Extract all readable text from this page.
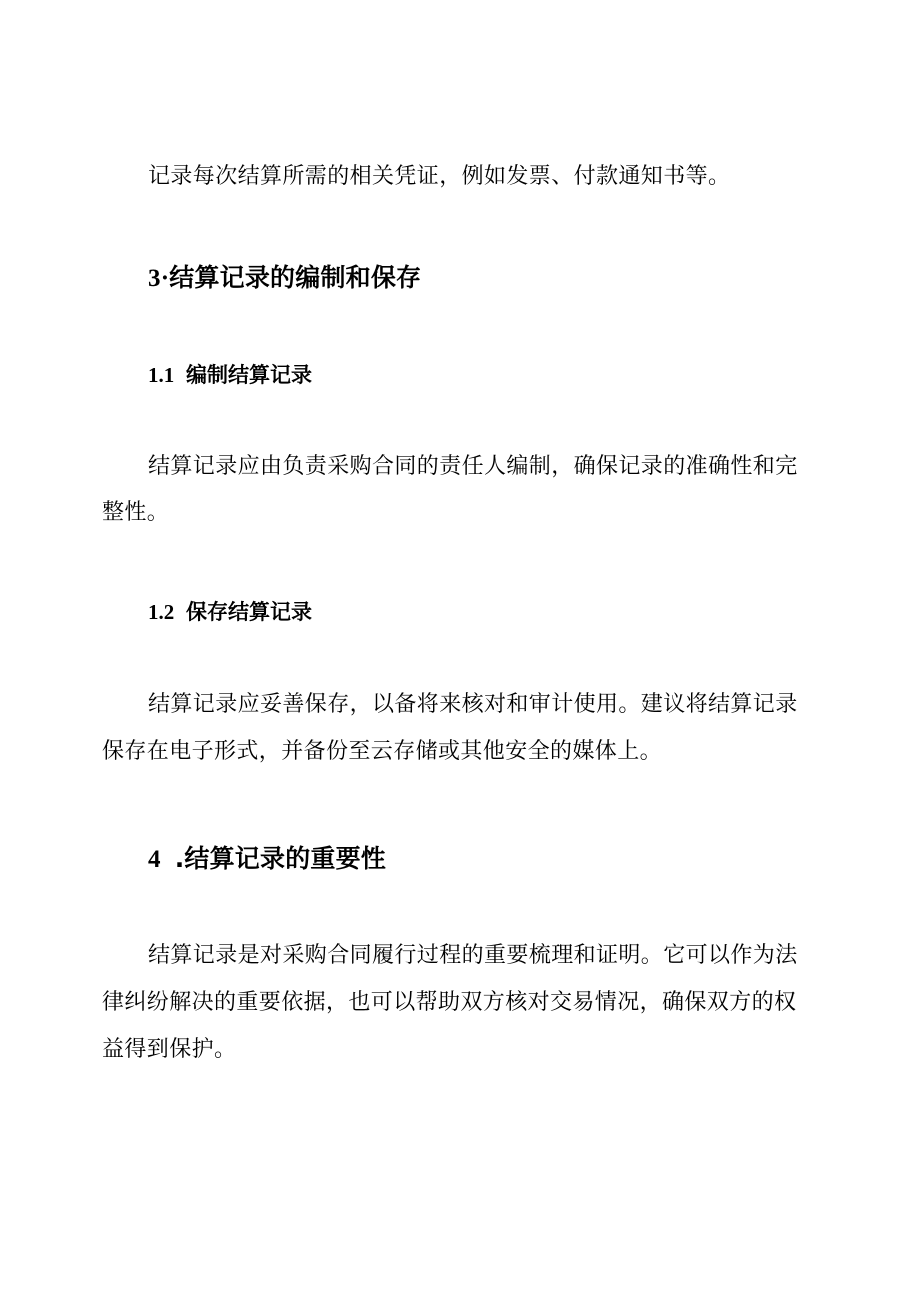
记录每次结算所需的相关凭证，例如发票、付款通知书等。
3·结算记录的编制和保存
1.1 编制结算记录
结算记录应由负责采购合同的责任人编制，确保记录的准确性和完
整性。
1.2 保存结算记录
结算记录应妥善保存，以备将来核对和审计使用。建议将结算记录
保存在电子形式，并备份至云存储或其他安全的媒体上。
4 .结算记录的重要性
结算记录是对采购合同履行过程的重要梳理和证明。它可以作为法
律纠纷解决的重要依据，也可以帮助双方核对交易情况，确保双方的权
益得到保护。
